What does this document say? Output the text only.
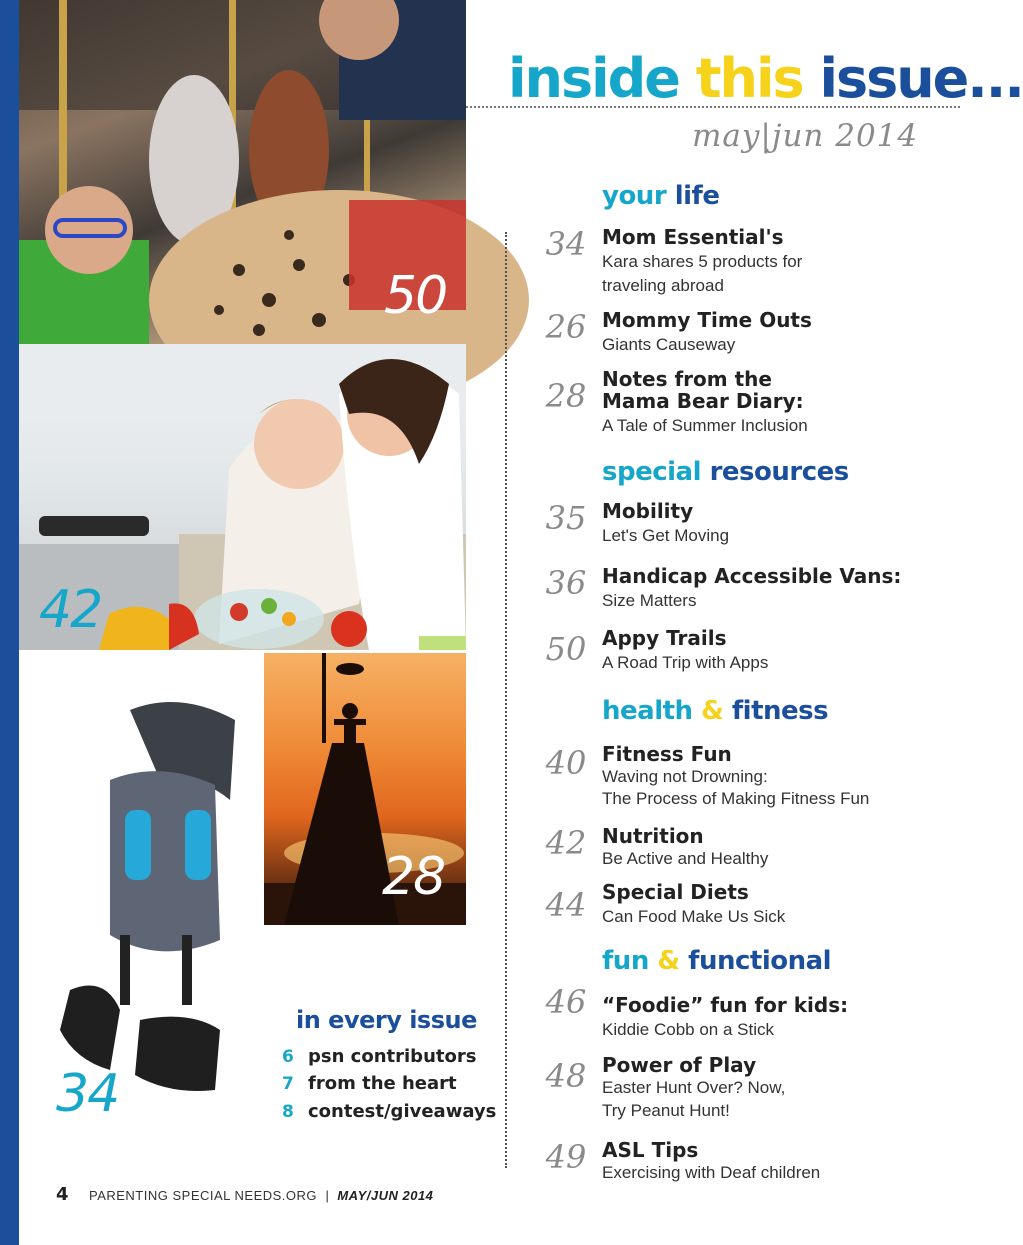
50
42
28
34
inside this issue...
may|jun 2014
your life
34 Mom Essential's
Kara shares 5 products for
traveling abroad
26 Mommy Time Outs
Giants Causeway
28 Notes from the
Mama Bear Diary:
A Tale of Summer Inclusion
special resources
35 Mobility
Let's Get Moving
36 Handicap Accessible Vans:
Size Matters
50 Appy Trails
A Road Trip with Apps
health & fitness
40 Fitness Fun
Waving not Drowning:
The Process of Making Fitness Fun
42 Nutrition
Be Active and Healthy
44 Special Diets
Can Food Make Us Sick
fun & functional
46 “Foodie” fun for kids:
Kiddie Cobb on a Stick
48 Power of Play
Easter Hunt Over? Now,
Try Peanut Hunt!
49 ASL Tips
Exercising with Deaf children
in every issue
6 psn contributors
7 from the heart
8 contest/giveaways
4 PARENTING SPECIAL NEEDS.ORG | MAY/JUN 2014
